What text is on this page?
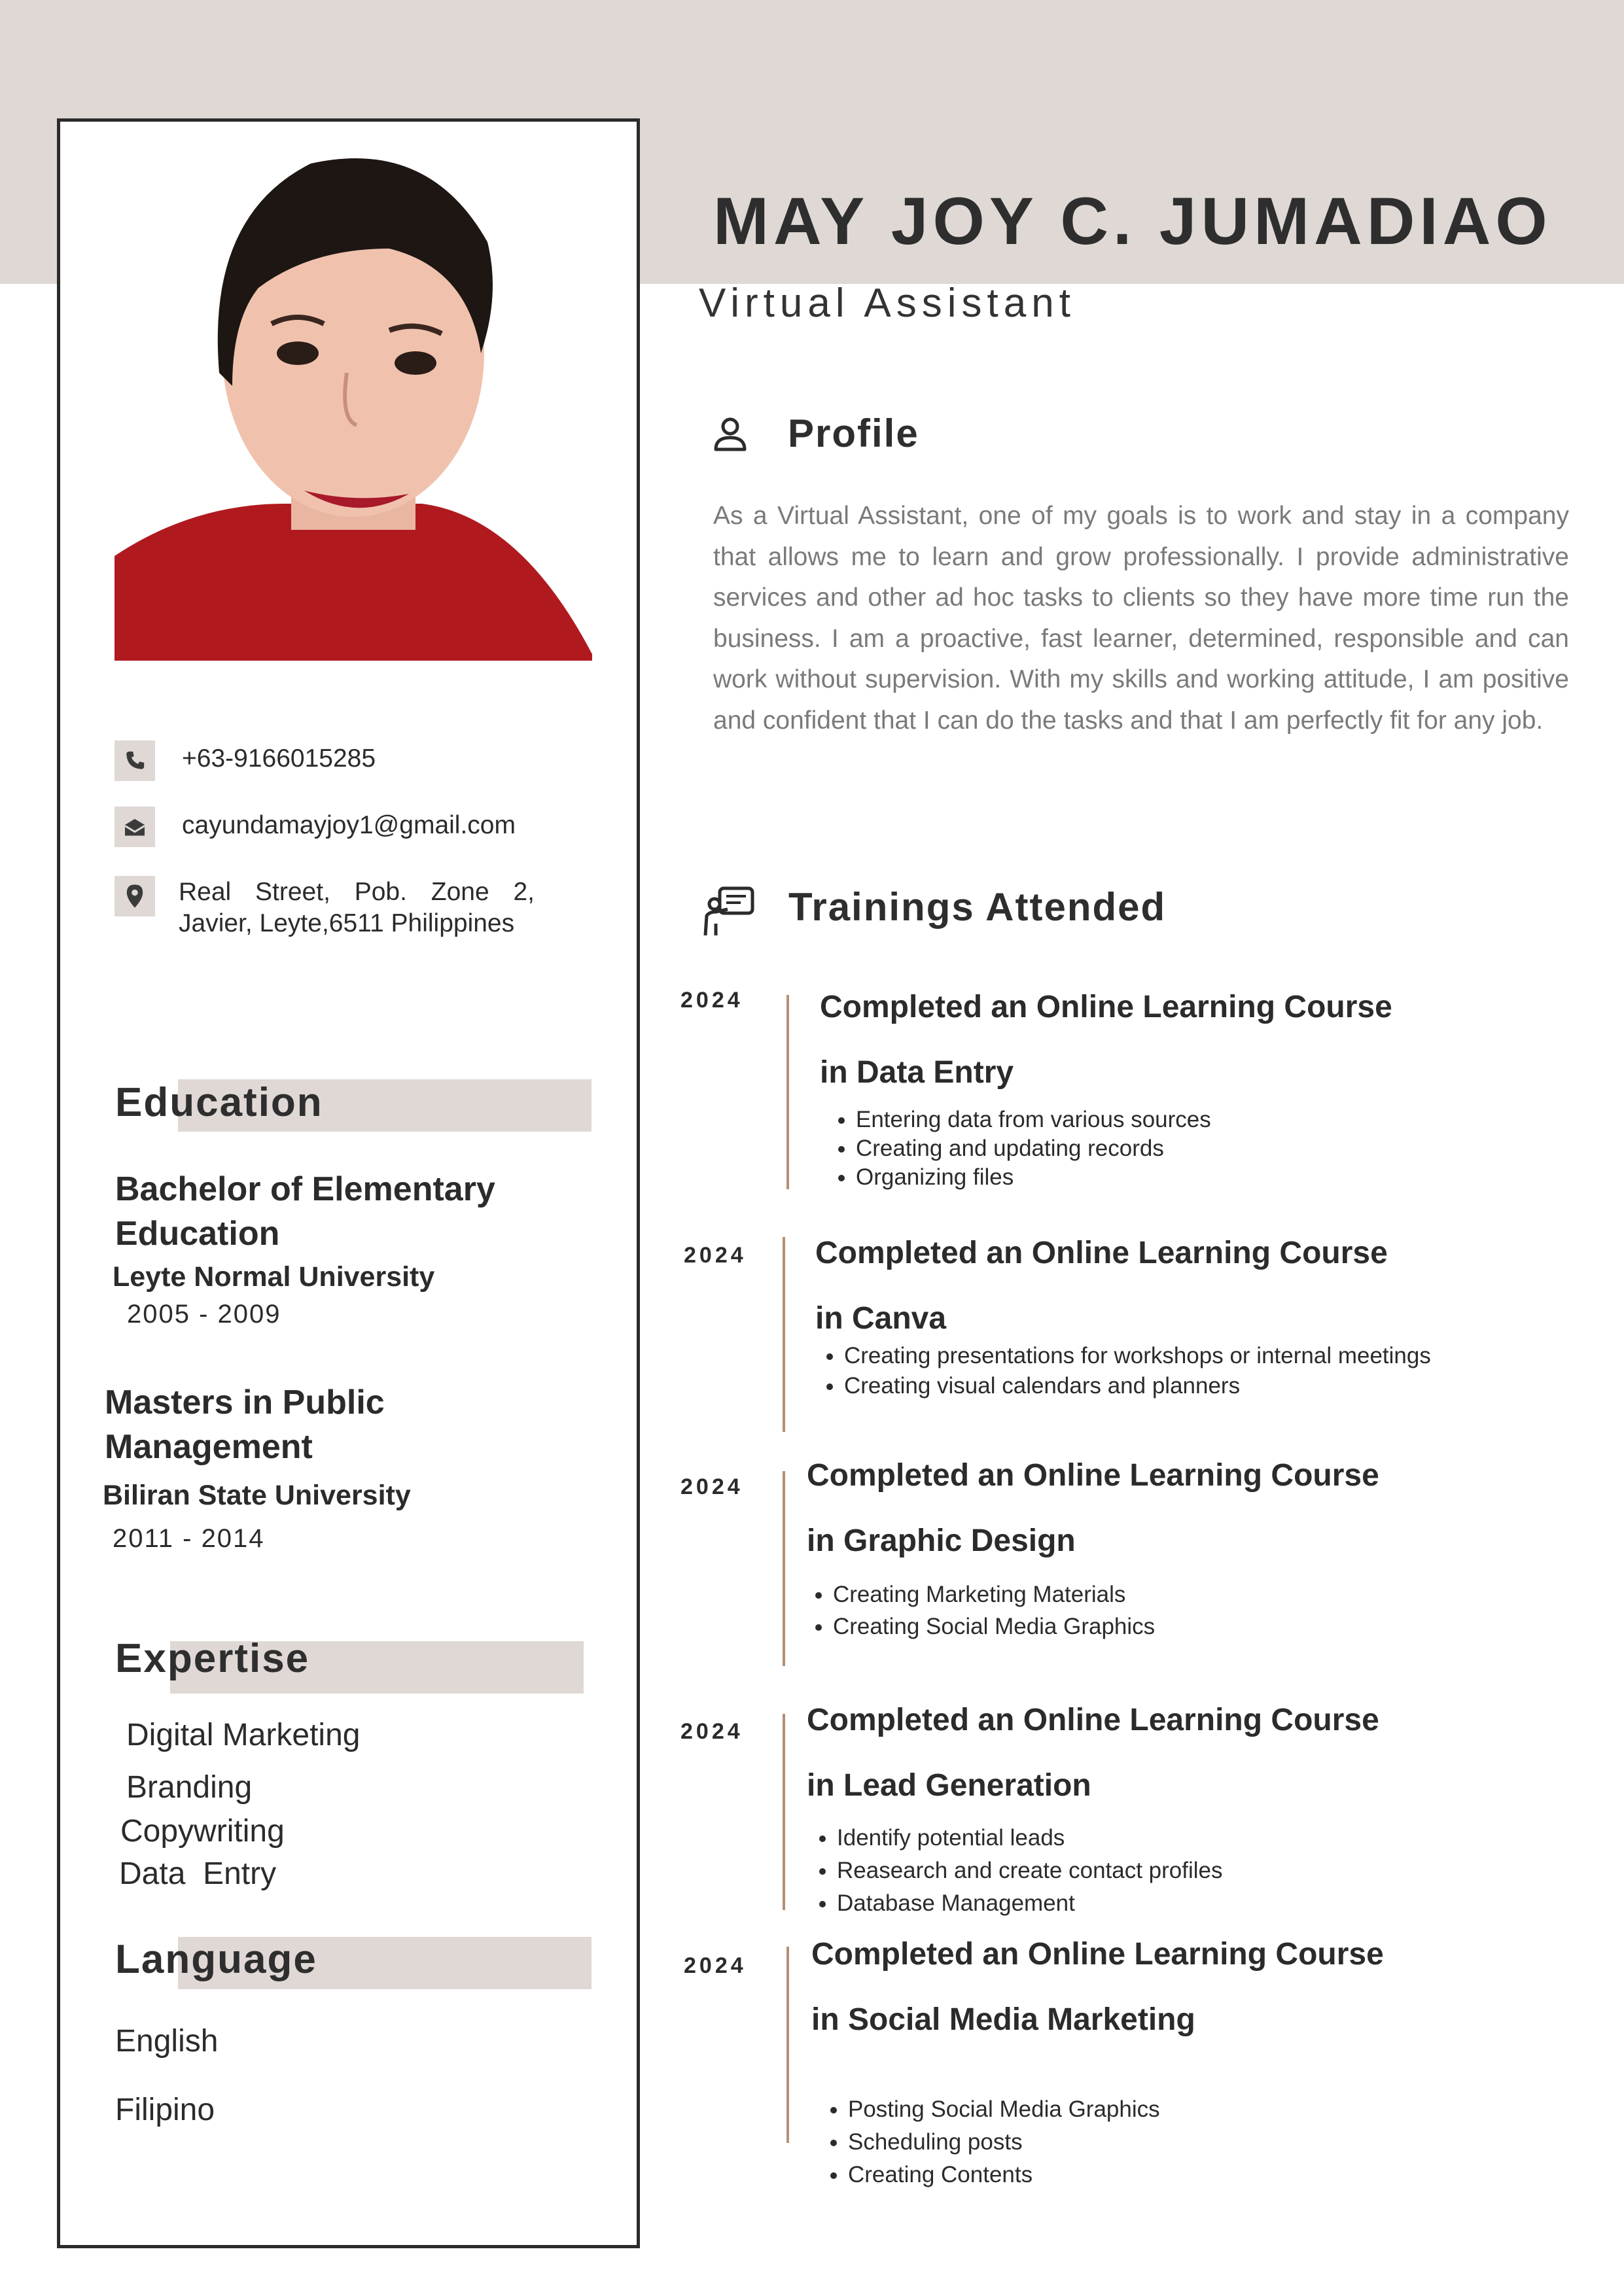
MAY JOY C. JUMADIAO
Virtual Assistant
Profile
As a Virtual Assistant, one of my goals is to work and stay in a company that allows me to learn and grow professionally. I provide administrative services and other ad hoc tasks to clients so they have more time run the business. I am a proactive, fast learner, determined, responsible and can work without supervision. With my skills and working attitude, I am positive and confident that I can do the tasks and that I am perfectly fit for any job.
+63-9166015285
cayundamayjoy1@gmail.com
Real Street, Pob. Zone 2,
Javier, Leyte,6511 Philippines
Education
Bachelor of Elementary
Education
Leyte Normal University
2005 - 2009
Masters in Public
Management
Biliran State University
2011 - 2014
Expertise
Digital Marketing
Branding
Copywriting
Data  Entry
Language
English
Filipino
Trainings Attended
2024 Completed an Online Learning Course
in Data Entry
• Entering data from various sources
• Creating and updating records
• Organizing files
2024 Completed an Online Learning Course
in Canva
• Creating presentations for workshops or internal meetings
• Creating visual calendars and planners
2024 Completed an Online Learning Course
in Graphic Design
• Creating Marketing Materials
• Creating Social Media Graphics
2024 Completed an Online Learning Course
in Lead Generation
• Identify potential leads
• Reasearch and create contact profiles
• Database Management
2024 Completed an Online Learning Course
in Social Media Marketing
• Posting Social Media Graphics
• Scheduling posts
• Creating Contents
